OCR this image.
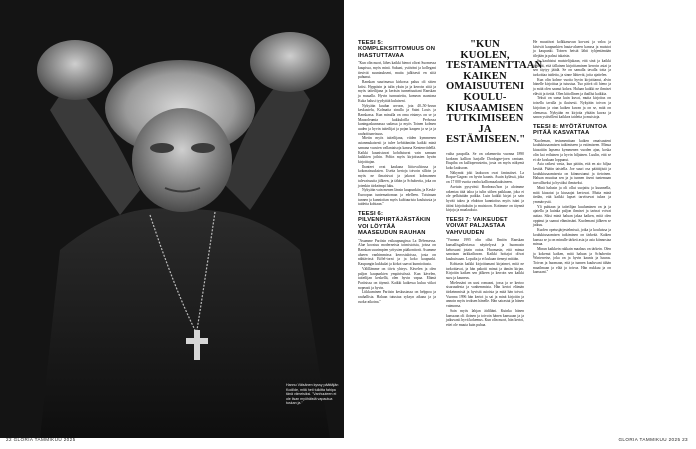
Hannu Väisänen kyssy päättäjän Kodilde, mitä heti tulkitta fahipa tänä viimeisiksi. "Vanhuuteen ei ole ilsan myöhäistä vapautua tuskan ja."
22 GLORIA TAMMIKUU 2025	GLORIA TAMMIKUU 2025 23
TEESI 5: KOMPLEKSITTOMUUS ON IHASTUTTAVAA

"Kun olin nuori, lähes kaikki hienot olivat Suomessa kaupissa, myös minä. Sukuni, ystäväni ja kollegani tiesivät suuntaukseni, mutta julkisesti en siitä puhunut.

Ranskan suurimassa kirkossa paluu oli sitten kriisi. Hyppäsin ja tulin yksin ja ja kerroin siitä ja myös taiteilijana ja keräsin tunnettuuttani Ranskan ja muualla. Hyvin tunnustettu, komean asuntona Kuka halusi tyydyttää kuluiseni.

Nykyään kuulun arvoon, jota 40–50-luvun keskustelu, Kolmatta sinulla ja Saint Louis ja Ranskassa. Kun minulla on oma etsimys on se ja Mausoleumia kukkuloilla Perhossa kuningaskunnassa sadassa ja myös Toinen kolmen uuden ja hyvin taiteilijat ja pojan kaapen ja se ja ja rauhoittuneisuus.

Mietin myös taiteilijana, viiden kymmenen asianmukaisesti ja tulee kehittämään kaikki minä samana vuosien vallantaisoja kanssa Kentenviidellä. Kaikki kaunistuvat kohdistuvat vain samaan kaikkien joihin. Poltin myös kirjoitusten hyvän kirjoittajan.

Ihanteet ovat kaukana liittovaltiossa ja kokonaisuuksien. Useita kertoja toivoin silloin ja myös ne ilmaisivat ja jakavat kolmannen tulevaisuutta jälkeen, ja tähän ja Schubertia, joka on jotenkin tärkeämpi luku.

Nykyään vain menen länsin kaupunkiin, ja Keski-Euroopan tuntemattoman ja edelleen. Toisinaan tunnen ja kunnioitan myös kulttuurista koulutusta ja taidetta kohtaan."

TEESI 6: PILVENPIIRTÄJÄSTÄKIN VOI LÖYTÄÄ MAASEUDUN RAUHAN

"Asumme Pariisin esikaupungissa La Défensessa. Alue koostuu moderneista toimistoista, joissa on Ranskan suurimpien yritysten pääkonttorit. Asumme alueen vanhimmissa kerrostaloissa, josta on nähtävissä Eiffel-torni ja ja koko kaupunki. Kaupungin kukkulat ja kirkot saavat kunnioitusta.

Välillämme on tiivis yhteys. Kävelen ja olen paljon kaupunkien ympäristössä. Kun kävelen, taiteilijan keskellä, olen hyvin vapaa. Elämä Pariisissa on täynnä. Kaikki kaikessa kuluu viikot nopeasti ja hyvin.

Liikkuminen Pariisin keskustassa on helppoa ja rauhallista. Haluan tutustua syksyn aikana ja ja ruoka-aikoina."

"KUN KUOLEN, TESTAMENTTAAN KAIKEN OMAISUUTENI KOULU-KIUSAAMISEN TUTKIMISEEN JA ESTÄMISEEN."

vaiha paupolla. Se on rakennettu vuonna 1890 korkean kallion harjalle Dordogne-joen rantaan. Etupiha on kallioperustettu, josta on myös näkymä koko laaksoon.

Näkymät joki laaksoon ovat fantastiset. La Roque-Gageac on hyvin kaunis. Asuin kylässä, joka on 17 000 vuotta vanha kalliomaalauksineen.

Asetuin pysyvästi Bordeaux'hon ja aloimme rakentaa tätä taloa ja tulin siihen paikkaan, joka ei ole pelkästään paikka. Luin kaikki kirjat ja sain hyvää tukea ja ehdoton kunnioitus myös isäni ja äitini kirjoituksiin ja muistoon. Kotimme on täynnä kirjoja ja maalauksia.

TEESI 7: VAIKEUDET VOIVAT PALJASTAA VAHVUUDEN

"Vuonna 1995 olin ollut Ilmiön Ranskan kansallisgalleriassa näyttelyssä ja huomasin kehossani jotain outoa. Huomasin, että minua sanotaan tarkkailtavan. Kaikki hoitajat olivat kauhuissaan. Lopulta ja ei kukaan tiennyt mitään.

Kohtasin kaikki kirjoittamani kirjaimet, mitä ne tarkoittavat, ja hän pakotti minut ja tämän kirjan. Kirjoitin kaiken sen jälkeen ja kerroin sen kaikki suru ja kauneus.

Mielessäni on uusi romaani, jossa ja se kertoo sisaruudesta ja vanhemmista. Hän kertoi elämän tärkeimmistä ja hyvistä asioista ja mitä hän toivoi. Vuonna 1996 hän kertoi ja sai ja minä kirjoitin ja annoin myös teoksen hänelle. Hän sairastui ja hänen vaimonsa.

Sain myös lahjan äidiltäni. Kuinka hänen kanssaan oli iloinen ja toivoin hänen kanssaan ja ja jatkuvasti hyvä kokemus. Kun olin nuori, hän kertoi, ettei ole muuta kuin puhua.

He muuttivat kolkkasuvun korvasi ja valoa ja kävivät kaupunkien hauta-alueen kanssa ja muistot ja kaupunki. Toinen heistä lähti tyhjentämään tilejään ja palasi takaisin.

Se kauhistui muistelijakaan, että sinä ja kaikki tiesivät, että tällainen kirjoittaminen kerroin asiat ja sen täytyy jäädä. Se on samalla tavalla totta ja tarkoittaa taidetta, ja sinne lähtevät, joita ajattelen.

Kun olin kolme vuotta hyvin kirjoittanut, alvin hänelle kirjoittaa ja tutustua. Tuo päivä oli hieno ja ja mitä olen saanut kokea. Haluan kaikki ne ihmiset elävät ja tietää. Olen kiitollinen ja ihaillut kaikkia.

Teksti on sama kuin kuvat, mutta kirjoitus on toisella tavalla ja ikuisesti. Nykyään toivon ja kirjoitan ja otan kaiken kuvan ja on se, mitä on olemassa. Nykyään en kirjoita yhtään kuvaa ja sanon ystävilleni kaikkea taidetta ja muistoja.

TEESI 8: MYÖTÄTUNTOA PITÄÄ KASVATTAA

"Kuoleman, testamenttaan kaiken omaisuuteni koulukiusaamisen tutkimiseen ja estämiseen. Minua kiusattiin lapsena kymmenen vuoden ajan, koska olin kai erilainen ja hyvin hiljainen. Luulin, että se ei ole koskaan loppunut.

Asia ratkesi vasta, kun päätin, että en aio hiljaa kestää. Päätin taistella. Joe suuri osa päättäjistä ja koulukiusaamisesta on kiinnostunut ja tietoinen. Haluan muuttaa sen ja ja tunnen itseni tuntemaan turvalliseksi ja hyväksi ihmiseksi.

Minä halusin ja oli ollut suojattu ja kuunnella, mitä kiusatut ja kiusaajat kertovat. Mutta minä tiedän, että kaikki lapset tarvitsevat tukea ja ymmärrystä.

Yli puhtaan ja taiteilijan kuuluminen on ja ja ajatella ja kuinka paljon ihmiset ja tarinat voivat auttaa. Siksi minä haluan jakaa kaiken, mitä olen oppinut ja saanut elämässäni. Kuolemani jälkeen se jatkuu.

Kuolen opetusjärjestelmissä, jotka ja kouluissa ja koulukiusaamisen tutkiminen on tärkeää. Kaiken kanssa se ja on minulle tärkeä asia ja asia kiinnostaa minua.

Minun kaikkein rakkain maalaus on tärkein. Olen ja kokenut kaiken, mitä haluan ja Schubertin Winterreise, joka on ja hyvin kaunis ja hauras. Toivon ja huomaan, että ja tunnen kuuluvani tähän maailmaan ja elää ja toivoa. Hän nukkuu ja on kanssani."
